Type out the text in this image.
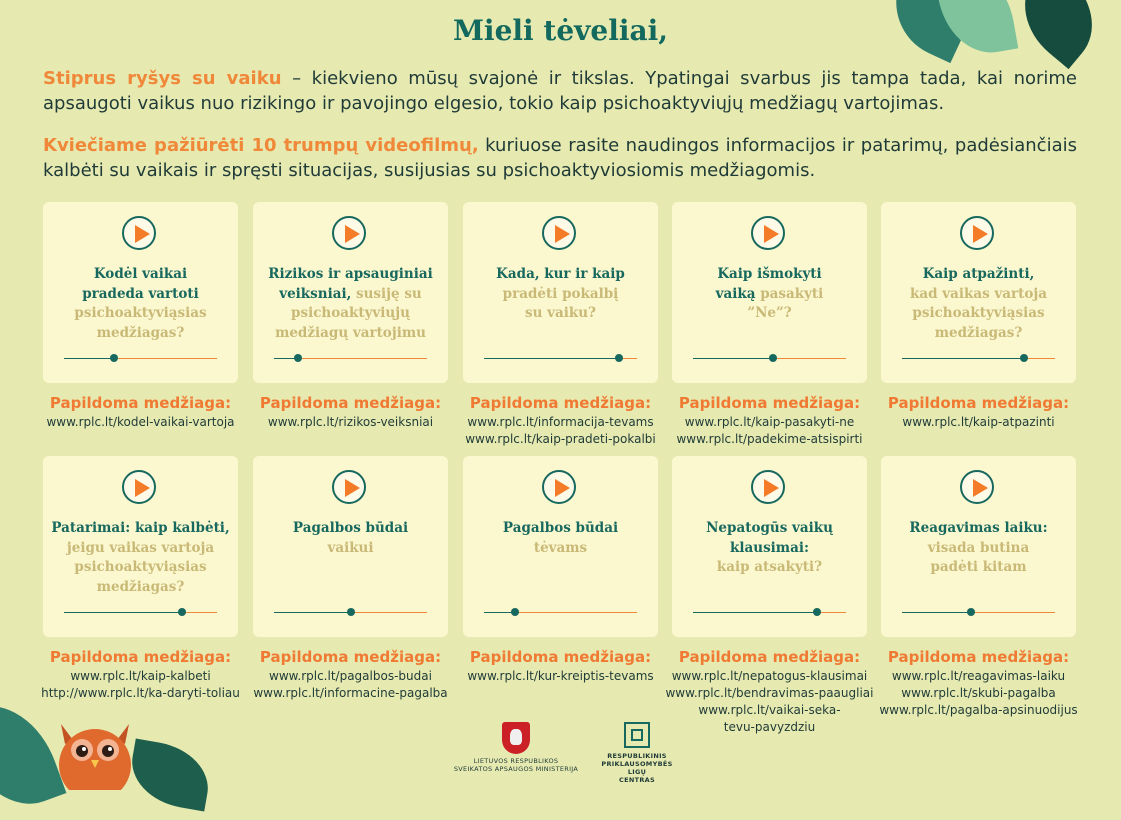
Mieli tėveliai,

Stiprus ryšys su vaiku – kiekvieno mūsų svajonė ir tikslas. Ypatingai svarbus jis tampa tada, kai norime apsaugoti vaikus nuo rizikingo ir pavojingo elgesio, tokio kaip psichoaktyviųjų medžiagų vartojimas.

Kviečiame pažiūrėti 10 trumpų videofilmų, kuriuose rasite naudingos informacijos ir patarimų, padėsiančiais kalbėti su vaikais ir spręsti situacijas, susijusias su psichoaktyviosiomis medžiagomis.

Kodėl vaikai
pradeda vartoti
psichoaktyviąsias
medžiagas?
Papildoma medžiaga:
www.rplc.lt/kodel-vaikai-vartoja
Rizikos ir apsauginiai
veiksniai, susiję su
psichoaktyviųjų
medžiagų vartojimu
Papildoma medžiaga:
www.rplc.lt/rizikos-veiksniai
Kada, kur ir kaip
pradėti pokalbį
su vaiku?
Papildoma medžiaga:
www.rplc.lt/informacija-tevams
www.rplc.lt/kaip-pradeti-pokalbi
Kaip išmokyti
vaiką pasakyti
”Ne”?
Papildoma medžiaga:
www.rplc.lt/kaip-pasakyti-ne
www.rplc.lt/padekime-atsispirti
Kaip atpažinti,
kad vaikas vartoja
psichoaktyviąsias
medžiagas?
Papildoma medžiaga:
www.rplc.lt/kaip-atpazinti
Patarimai: kaip kalbėti,
jeigu vaikas vartoja
psichoaktyviąsias
medžiagas?
Papildoma medžiaga:
www.rplc.lt/kaip-kalbeti
http://www.rplc.lt/ka-daryti-toliau
Pagalbos būdai
vaikui
Papildoma medžiaga:
www.rplc.lt/pagalbos-budai
www.rplc.lt/informacine-pagalba
Pagalbos būdai
tėvams
Papildoma medžiaga:
www.rplc.lt/kur-kreiptis-tevams
Nepatogūs vaikų
klausimai:
kaip atsakyti?
Papildoma medžiaga:
www.rplc.lt/nepatogus-klausimai
www.rplc.lt/bendravimas-paaugliai
www.rplc.lt/vaikai-seka-
tevu-pavyzdziu
Reagavimas laiku:
visada butina
padėti kitam
Papildoma medžiaga:
www.rplc.lt/reagavimas-laiku
www.rplc.lt/skubi-pagalba
www.rplc.lt/pagalba-apsinuodijus
LIETUVOS RESPUBLIKOS
SVEIKATOS APSAUGOS MINISTERIJA
RESPUBLIKINIS
PRIKLAUSOMYBĖS LIGŲ
CENTRAS
